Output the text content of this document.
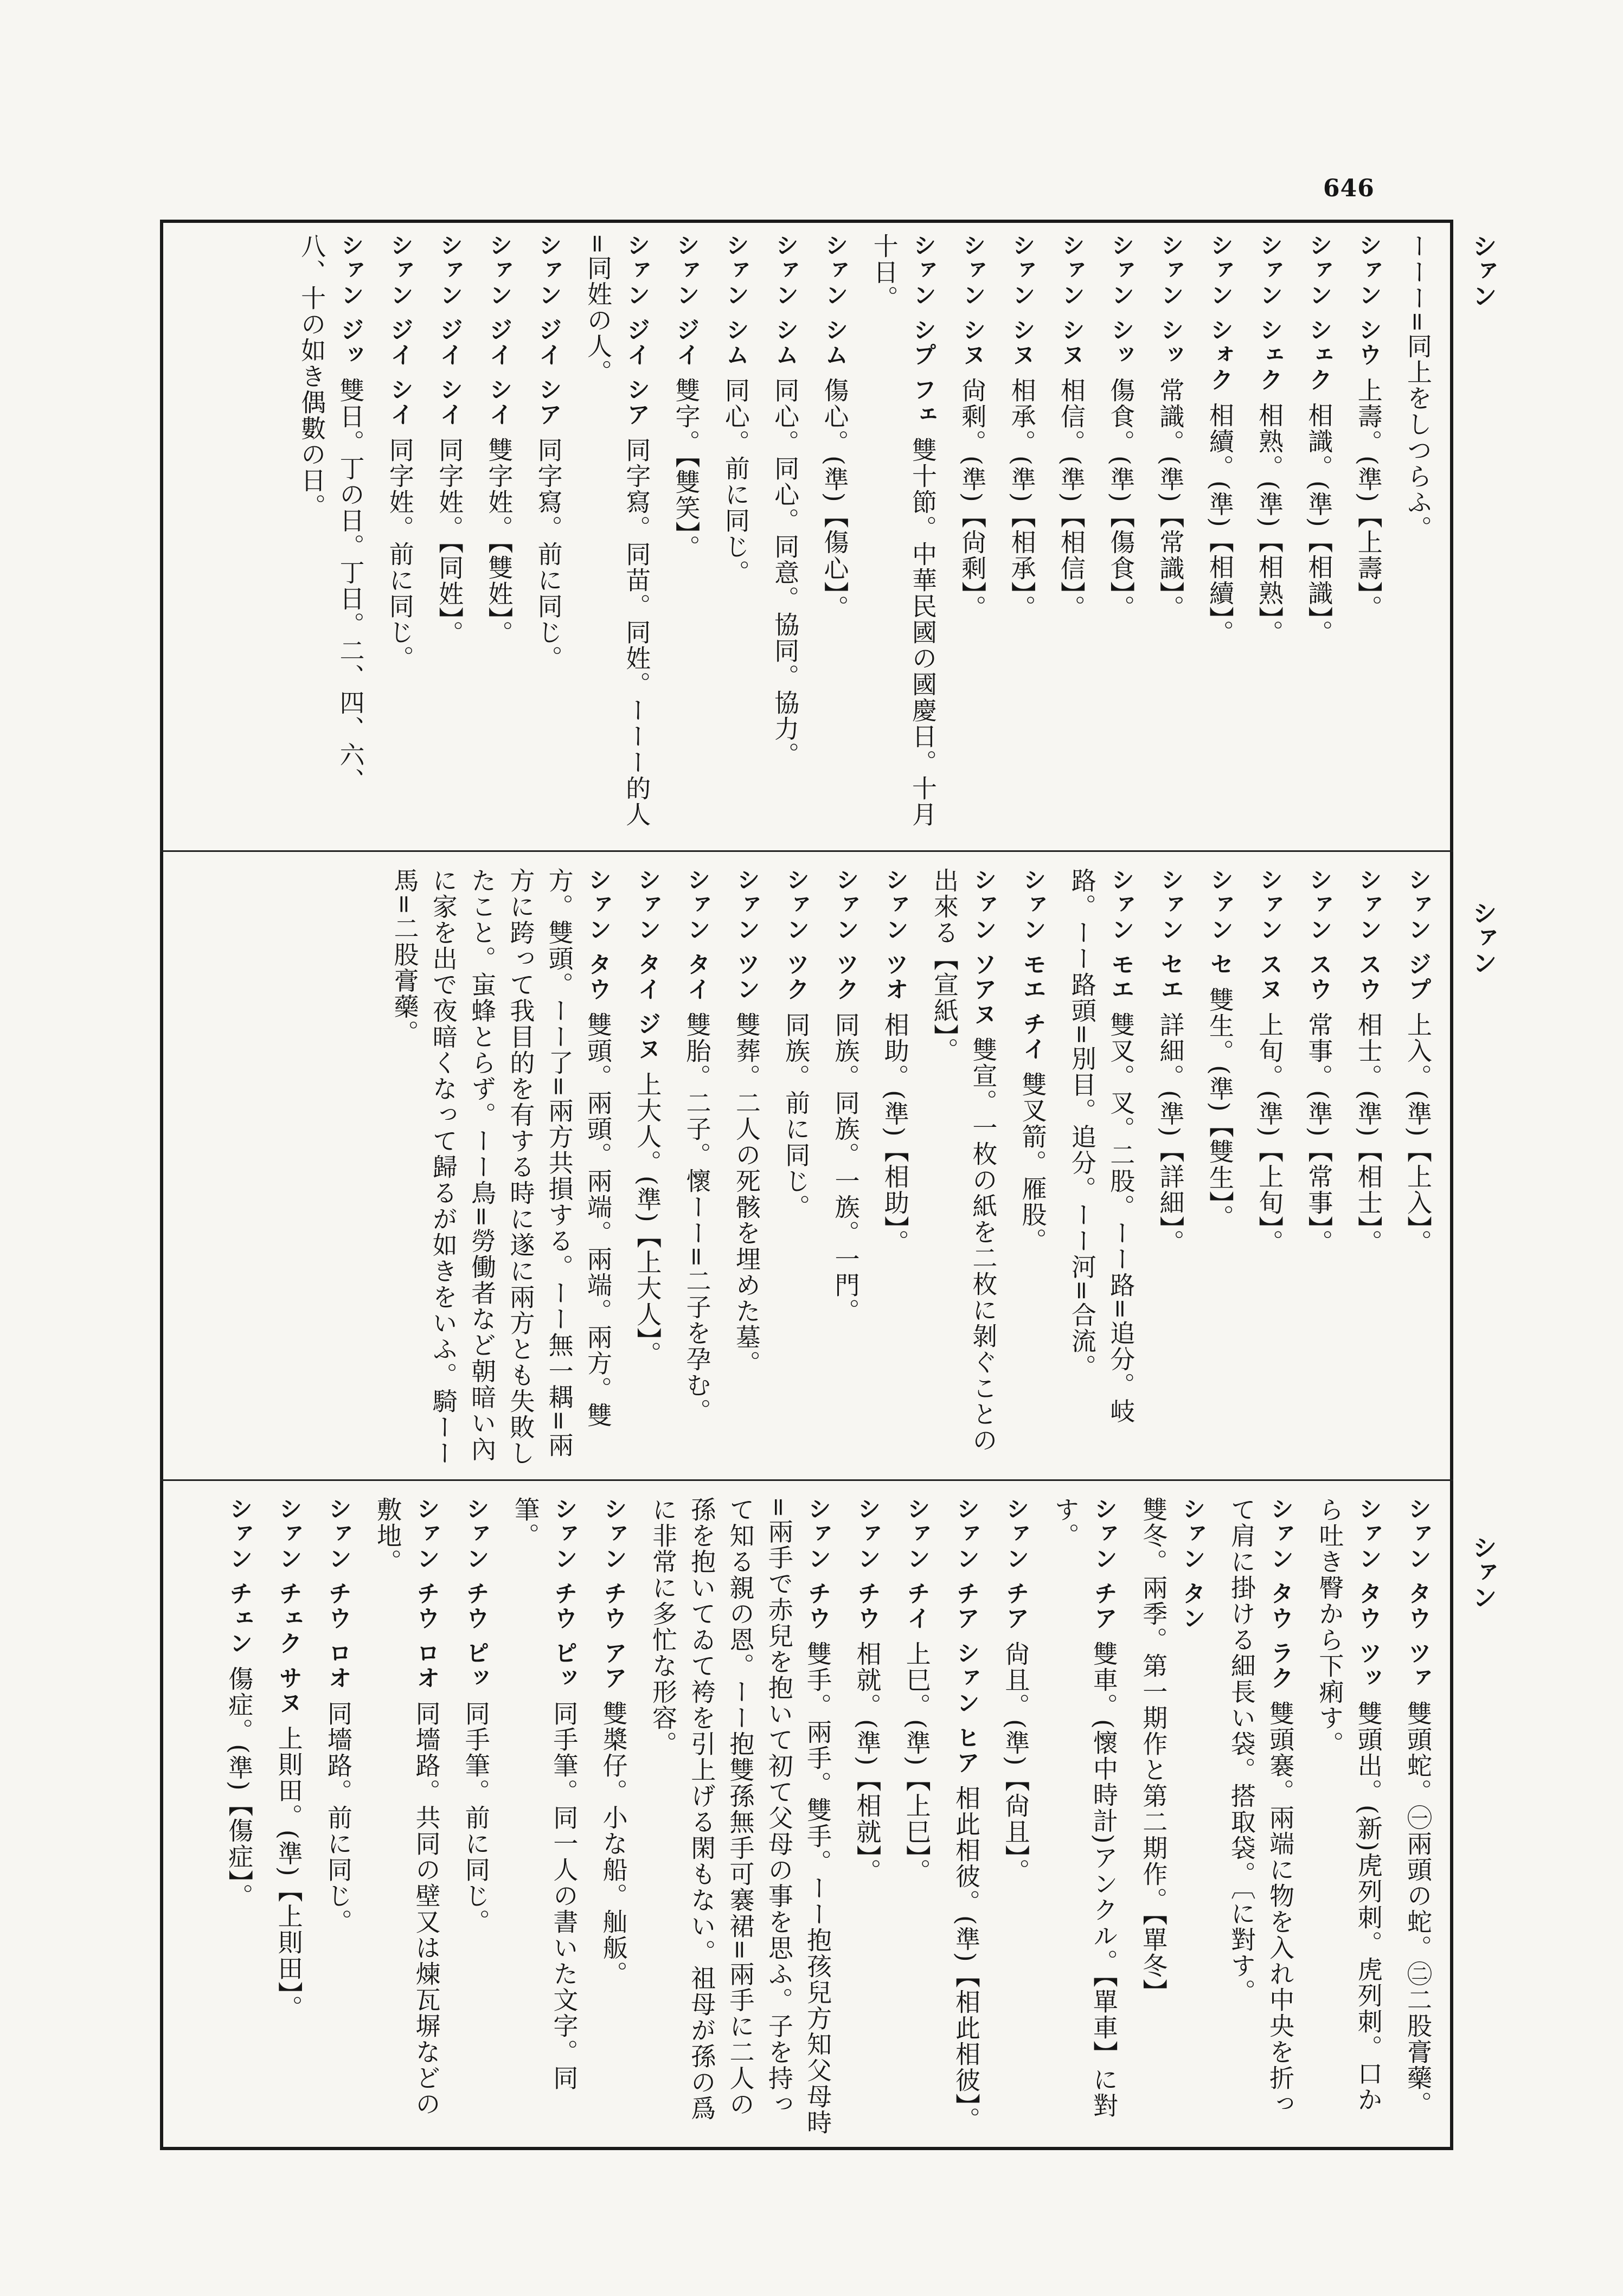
646
シァン
シァン
シァン
ーーー=同上をしつらふ。
シァン シウ 上壽。(準)【上壽】。
シァン シェク 相識。(準)【相識】。
シァン シェク 相熟。(準)【相熟】。
シァン シォク 相續。(準)【相續】。
シァン シッ 常識。(準)【常識】。
シァン シッ 傷食。(準)【傷食】。
シァン シヌ 相信。(準)【相信】。
シァン シヌ 相承。(準)【相承】。
シァン シヌ 尙剩。(準)【尙剩】。
シァン シプ フェ 雙十節。中華民國の國慶日。十月十日。
シァン シム 傷心。(準)【傷心】。
シァン シム 同心。同心。同意。協同。協力。
シァン シム 同心。前に同じ。
シァン ジイ 雙字。【雙笑】。
シァン ジイ シア 同字寫。同苗。同姓。ーーー的人=同姓の人。
シァン ジイ シア 同字寫。前に同じ。
シァン ジイ シイ 雙字姓。【雙姓】。
シァン ジイ シイ 同字姓。【同姓】。
シァン ジイ シイ 同字姓。前に同じ。
シァン ジッ 雙日。丁の日。丁日。二、四、六、八、十の如き偶數の日。
シァン ジプ 上入。(準)【上入】。
シァン スウ 相士。(準)【相士】。
シァン スウ 常事。(準)【常事】。
シァン スヌ 上旬。(準)【上旬】。
シァン セ 雙生。(準)【雙生】。
シァン セエ 詳細。(準)【詳細】。
シァン モエ 雙叉。叉。二股。ーー路=追分。岐路。ーー路頭=別目。追分。ーー河=合流。
シァン モエ チイ 雙叉箭。雁股。
シァン ソアヌ 雙宣。一枚の紙を二枚に剝ぐことの出來る【宣紙】。
シァン ツオ 相助。(準)【相助】。
シァン ツク 同族。同族。一族。一門。
シァン ツク 同族。前に同じ。
シァン ツン 雙葬。二人の死骸を埋めた墓。
シァン タイ 雙胎。二子。懷ーー=二子を孕む。
シァン タイ ジヌ 上大人。(準)【上大人】。
シァン タウ 雙頭。兩頭。兩端。兩端。兩方。雙方。雙頭。ーー了=兩方共損する。ーー無一耦=兩方に跨って我目的を有する時に遂に兩方とも失敗したこと。䖟蜂とらず。ーー鳥=勞働者など朝暗い內に家を出で夜暗くなって歸るが如きをいふ。騎ーー馬=二股膏藥。
シァン タウ ツァ 雙頭蛇。㊀兩頭の蛇。㊁二股膏藥。
シァン タウ ツッ 雙頭出。(新)虎列刺。虎列刺。口から吐き臀から下痢す。
シァン タウ ラク 雙頭褰。兩端に物を入れ中央を折って肩に掛ける細長い袋。搭取袋。〔に對す。
シァン タン 雙冬。兩季。第一期作と第二期作。【單冬】
シァン チア 雙車。(懷中時計)アンクル。【單車】に對す。
シァン チア 尙且。(準)【尙且】。
シァン チア シァン ヒア 相此相彼。(準)【相此相彼】。
シァン チイ 上巳。(準)【上巳】。
シァン チウ 相就。(準)【相就】。
シァン チウ 雙手。兩手。雙手。ーー抱孩兒方知父母時=兩手で赤兒を抱いて初て父母の事を思ふ。子を持って知る親の恩。ーー抱雙孫無手可褰裙=兩手に二人の孫を抱いてゐて袴を引上げる閑もない。祖母が孫の爲に非常に多忙な形容。
シァン チウ アア 雙槳仔。小な船。舢舨。
シァン チウ ピッ 同手筆。同一人の書いた文字。同筆。
シァン チウ ピッ 同手筆。前に同じ。
シァン チウ ロオ 同墻路。共同の壁又は煉瓦塀などの敷地。
シァン チウ ロオ 同墻路。前に同じ。
シァン チェク サヌ 上則田。(準)【上則田】。
シァン チェン 傷症。(準)【傷症】。
